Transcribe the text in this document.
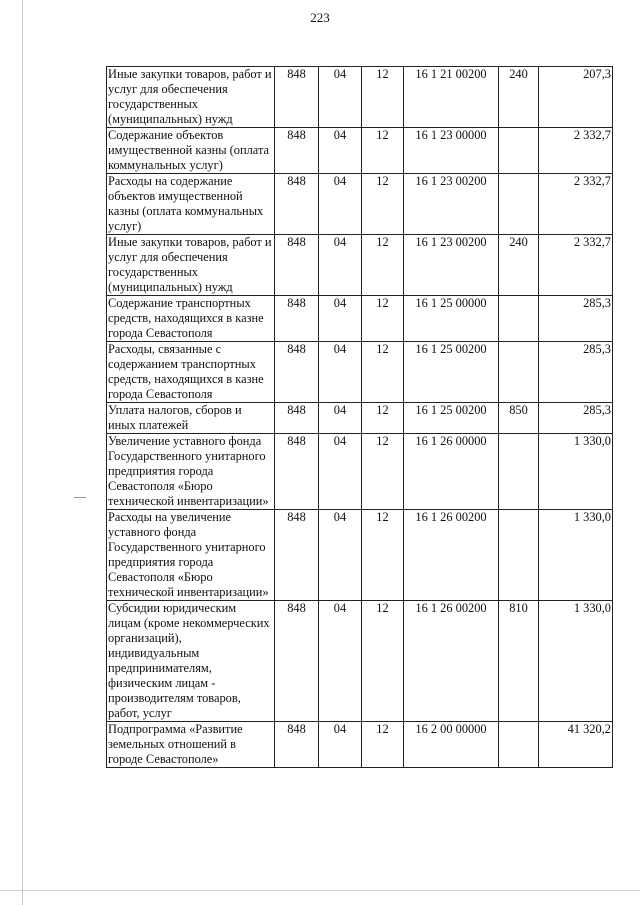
223
Иные закупки товаров, работ и услуг для обеспечения государственных (муниципальных) нужд	848	04	12	16 1 21 00200	240	207,3
Содержание объектов имущественной казны (оплата коммунальных услуг)	848	04	12	16 1 23 00000		2 332,7
Расходы на содержание объектов имущественной казны (оплата коммунальных услуг)	848	04	12	16 1 23 00200		2 332,7
Иные закупки товаров, работ и услуг для обеспечения государственных (муниципальных) нужд	848	04	12	16 1 23 00200	240	2 332,7
Содержание транспортных средств, находящихся в казне города Севастополя	848	04	12	16 1 25 00000		285,3
Расходы, связанные с содержанием транспортных средств, находящихся в казне города Севастополя	848	04	12	16 1 25 00200		285,3
Уплата налогов, сборов и иных платежей	848	04	12	16 1 25 00200	850	285,3
Увеличение уставного фонда Государственного унитарного предприятия города Севастополя «Бюро технической инвентаризации»	848	04	12	16 1 26 00000		1 330,0
Расходы на увеличение уставного фонда Государственного унитарного предприятия города Севастополя «Бюро технической инвентаризации»	848	04	12	16 1 26 00200		1 330,0
Субсидии юридическим лицам (кроме некоммерческих организаций), индивидуальным предпринимателям, физическим лицам - производителям товаров, работ, услуг	848	04	12	16 1 26 00200	810	1 330,0
Подпрограмма «Развитие земельных отношений в городе Севастополе»	848	04	12	16 2 00 00000		41 320,2
